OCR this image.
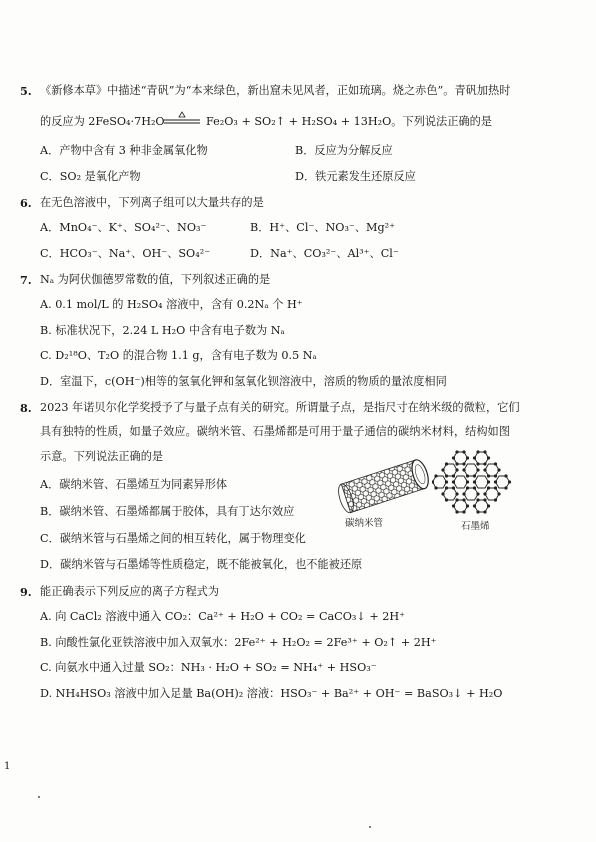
5. 《新修本草》中描述“青矾”为“本来绿色，新出窟未见风者，正如琉璃。烧之赤色”。青矾加热时
的反应为 2FeSO₄·7H₂O	Fe₂O₃ + SO₂↑ + H₂SO₄ + 13H₂O。下列说法正确的是
A．产物中含有 3 种非金属氧化物	B．反应为分解反应
C．SO₂ 是氧化产物	D．铁元素发生还原反应
6. 在无色溶液中，下列离子组可以大量共存的是
A．MnO₄⁻、K⁺、SO₄²⁻、NO₃⁻	B．H⁺、Cl⁻、NO₃⁻、Mg²⁺
C．HCO₃⁻、Na⁺、OH⁻、SO₄²⁻	D．Na⁺、CO₃²⁻、Al³⁺、Cl⁻
7. Nₐ 为阿伏伽德罗常数的值，下列叙述正确的是
A. 0.1 mol/L 的 H₂SO₄ 溶液中，含有 0.2Nₐ 个 H⁺
B. 标准状况下，2.24 L H₂O 中含有电子数为 Nₐ
C. D₂¹⁸O、T₂O 的混合物 1.1 g，含有电子数为 0.5 Nₐ
D．室温下，c(OH⁻)相等的氢氧化钾和氢氧化钡溶液中，溶质的物质的量浓度相同
8. 2023 年诺贝尔化学奖授予了与量子点有关的研究。所谓量子点，是指尺寸在纳米级的微粒，它们
具有独特的性质，如量子效应。碳纳米管、石墨烯都是可用于量子通信的碳纳米材料，结构如图
示意。下列说法正确的是
A．碳纳米管、石墨烯互为同素异形体
B．碳纳米管、石墨烯都属于胶体，具有丁达尔效应
C．碳纳米管与石墨烯之间的相互转化，属于物理变化
D．碳纳米管与石墨烯等性质稳定，既不能被氧化，也不能被还原
碳纳米管	石墨烯
9. 能正确表示下列反应的离子方程式为
A. 向 CaCl₂ 溶液中通入 CO₂：Ca²⁺ + H₂O + CO₂ = CaCO₃↓ + 2H⁺
B. 向酸性氯化亚铁溶液中加入双氧水：2Fe²⁺ + H₂O₂ = 2Fe³⁺ + O₂↑ + 2H⁺
C. 向氨水中通入过量 SO₂：NH₃ · H₂O + SO₂ = NH₄⁺ + HSO₃⁻
D. NH₄HSO₃ 溶液中加入足量 Ba(OH)₂ 溶液：HSO₃⁻ + Ba²⁺ + OH⁻ = BaSO₃↓ + H₂O
1
